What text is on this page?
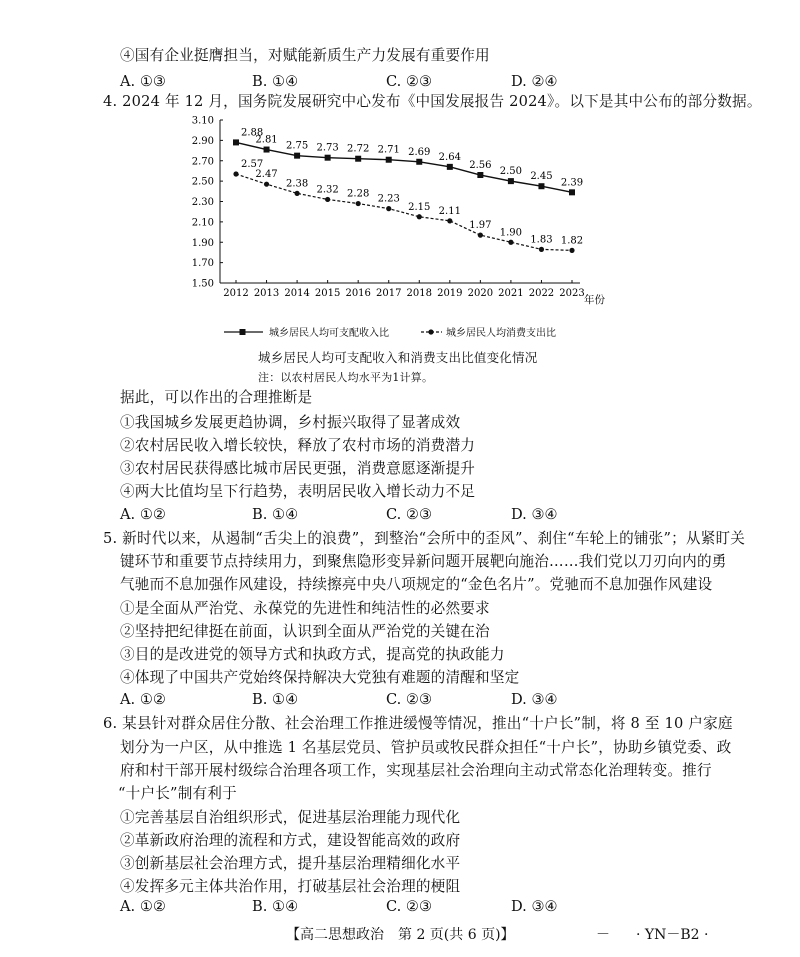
④国有企业挺膺担当，对赋能新质生产力发展有重要作用
A. ①③	B. ①④	C. ②③	D. ②④
4. 2024 年 12 月，国务院发展研究中心发布《中国发展报告 2024》。以下是其中公布的部分数据。
3.10
2.90
2.70
2.50
2.30
2.10
1.90
1.70
1.50
2012 2013 2014 2015 2016 2017 2018 2019 2020 2021 2022 2023
2.88
2.81
2.75 2.73 2.72 2.71 2.69 2.64
2.56
2.50 2.45
2.39
2.57
2.47
2.38
2.32 2.28 2.23
2.15 2.11
1.97
1.90
1.83 1.82
年份
城乡居民人均可支配收入比	城乡居民人均消费支出比
城乡居民人均可支配收入和消费支出比值变化情况
注：以农村居民人均水平为1计算。
据此，可以作出的合理推断是
①我国城乡发展更趋协调，乡村振兴取得了显著成效
②农村居民收入增长较快，释放了农村市场的消费潜力
③农村居民获得感比城市居民更强，消费意愿逐渐提升
④两大比值均呈下行趋势，表明居民收入增长动力不足
A. ①②	B. ①④	C. ②③	D. ③④
5. 新时代以来，从遏制“舌尖上的浪费”，到整治“会所中的歪风”、刹住“车轮上的铺张”；从紧盯关
键环节和重要节点持续用力，到聚焦隐形变异新问题开展靶向施治……我们党以刀刃向内的勇
气驰而不息加强作风建设，持续擦亮中央八项规定的“金色名片”。党驰而不息加强作风建设
①是全面从严治党、永葆党的先进性和纯洁性的必然要求
②坚持把纪律挺在前面，认识到全面从严治党的关键在治
③目的是改进党的领导方式和执政方式，提高党的执政能力
④体现了中国共产党始终保持解决大党独有难题的清醒和坚定
A. ①②	B. ①④	C. ②③	D. ③④
6. 某县针对群众居住分散、社会治理工作推进缓慢等情况，推出“十户长”制，将 8 至 10 户家庭
划分为一户区，从中推选 1 名基层党员、管护员或牧民群众担任“十户长”，协助乡镇党委、政
府和村干部开展村级综合治理各项工作，实现基层社会治理向主动式常态化治理转变。推行
“十户长”制有利于
①完善基层自治组织形式，促进基层治理能力现代化
②革新政府治理的流程和方式，建设智能高效的政府
③创新基层社会治理方式，提升基层治理精细化水平
④发挥多元主体共治作用，打破基层社会治理的梗阻
A. ①②	B. ①④	C. ②③	D. ③④
【高二思想政治　第 2 页(共 6 页)】	－ · YN－B2 ·
